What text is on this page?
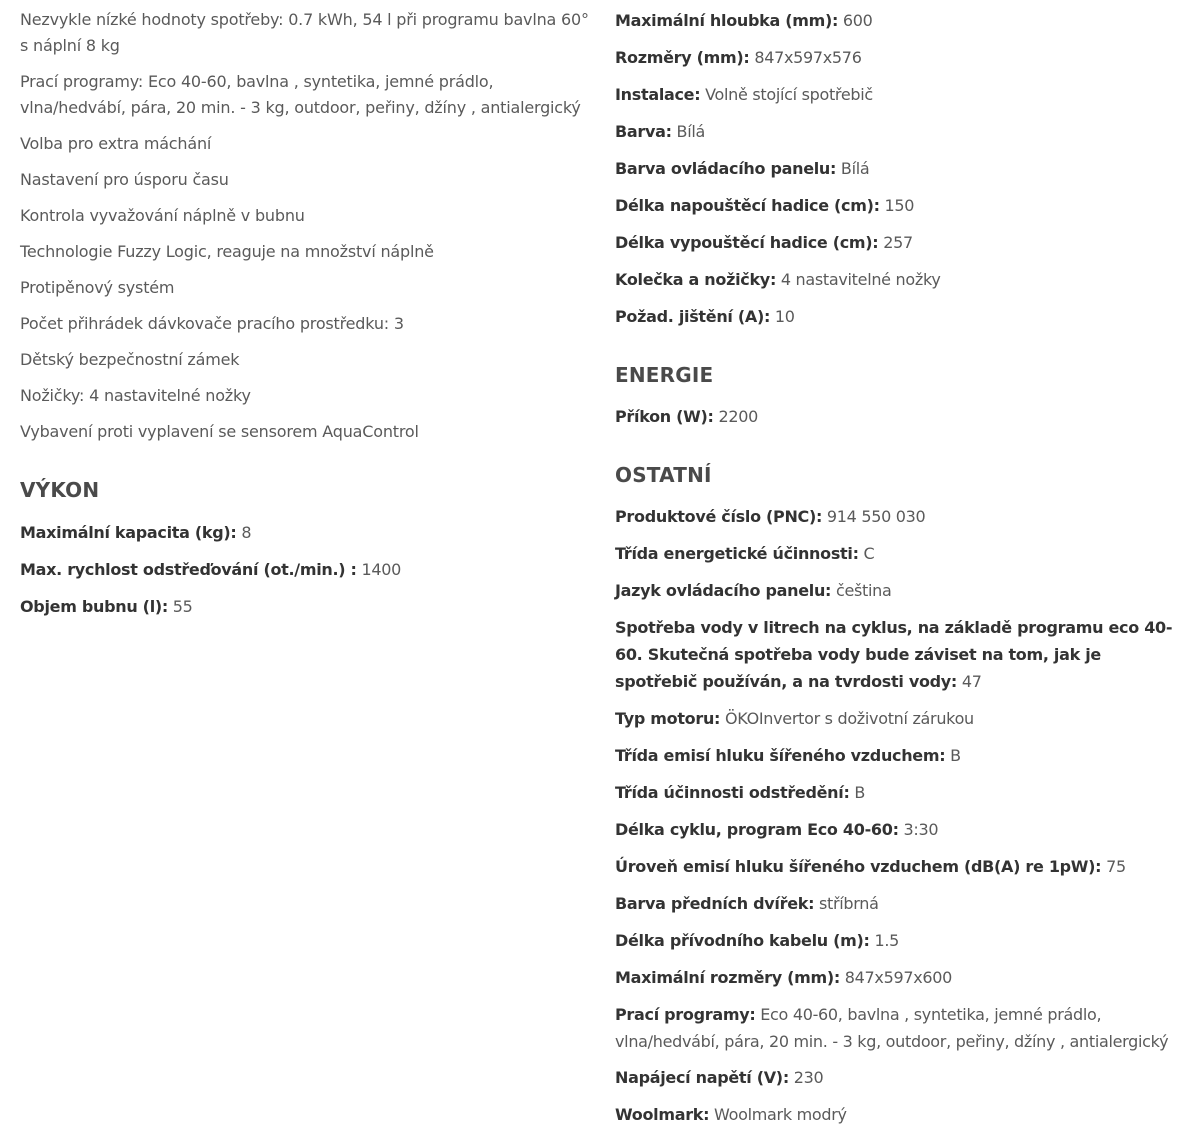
Nezvykle nízké hodnoty spotřeby: 0.7 kWh, 54 l při programu bavlna 60° s náplní 8 kg

Prací programy: Eco 40-60, bavlna , syntetika, jemné prádlo, vlna/hedvábí, pára, 20 min. - 3 kg, outdoor, peřiny, džíny , antialergický

Volba pro extra máchání

Nastavení pro úsporu času

Kontrola vyvažování náplně v bubnu

Technologie Fuzzy Logic, reaguje na množství náplně

Protipěnový systém

Počet přihrádek dávkovače pracího prostředku: 3

Dětský bezpečnostní zámek

Nožičky: 4 nastavitelné nožky

Vybavení proti vyplavení se sensorem AquaControl

VÝKON

Maximální kapacita (kg): 8

Max. rychlost odstřeďování (ot./min.) : 1400

Objem bubnu (l): 55

Maximální hloubka (mm): 600

Rozměry (mm): 847x597x576

Instalace: Volně stojící spotřebič

Barva: Bílá

Barva ovládacího panelu: Bílá

Délka napouštěcí hadice (cm): 150

Délka vypouštěcí hadice (cm): 257

Kolečka a nožičky: 4 nastavitelné nožky

Požad. jištění (A): 10

ENERGIE

Příkon (W): 2200

OSTATNÍ

Produktové číslo (PNC): 914 550 030

Třída energetické účinnosti: C

Jazyk ovládacího panelu: čeština

Spotřeba vody v litrech na cyklus, na základě programu eco 40-60. Skutečná spotřeba vody bude záviset na tom, jak je spotřebič používán, a na tvrdosti vody: 47

Typ motoru: ÖKOInvertor s doživotní zárukou

Třída emisí hluku šířeného vzduchem: B

Třída účinnosti odstředění: B

Délka cyklu, program Eco 40-60: 3:30

Úroveň emisí hluku šířeného vzduchem (dB(A) re 1pW): 75

Barva předních dvířek: stříbrná

Délka přívodního kabelu (m): 1.5

Maximální rozměry (mm): 847x597x600

Prací programy: Eco 40-60, bavlna , syntetika, jemné prádlo, vlna/hedvábí, pára, 20 min. - 3 kg, outdoor, peřiny, džíny , antialergický

Napájecí napětí (V): 230

Woolmark: Woolmark modrý
